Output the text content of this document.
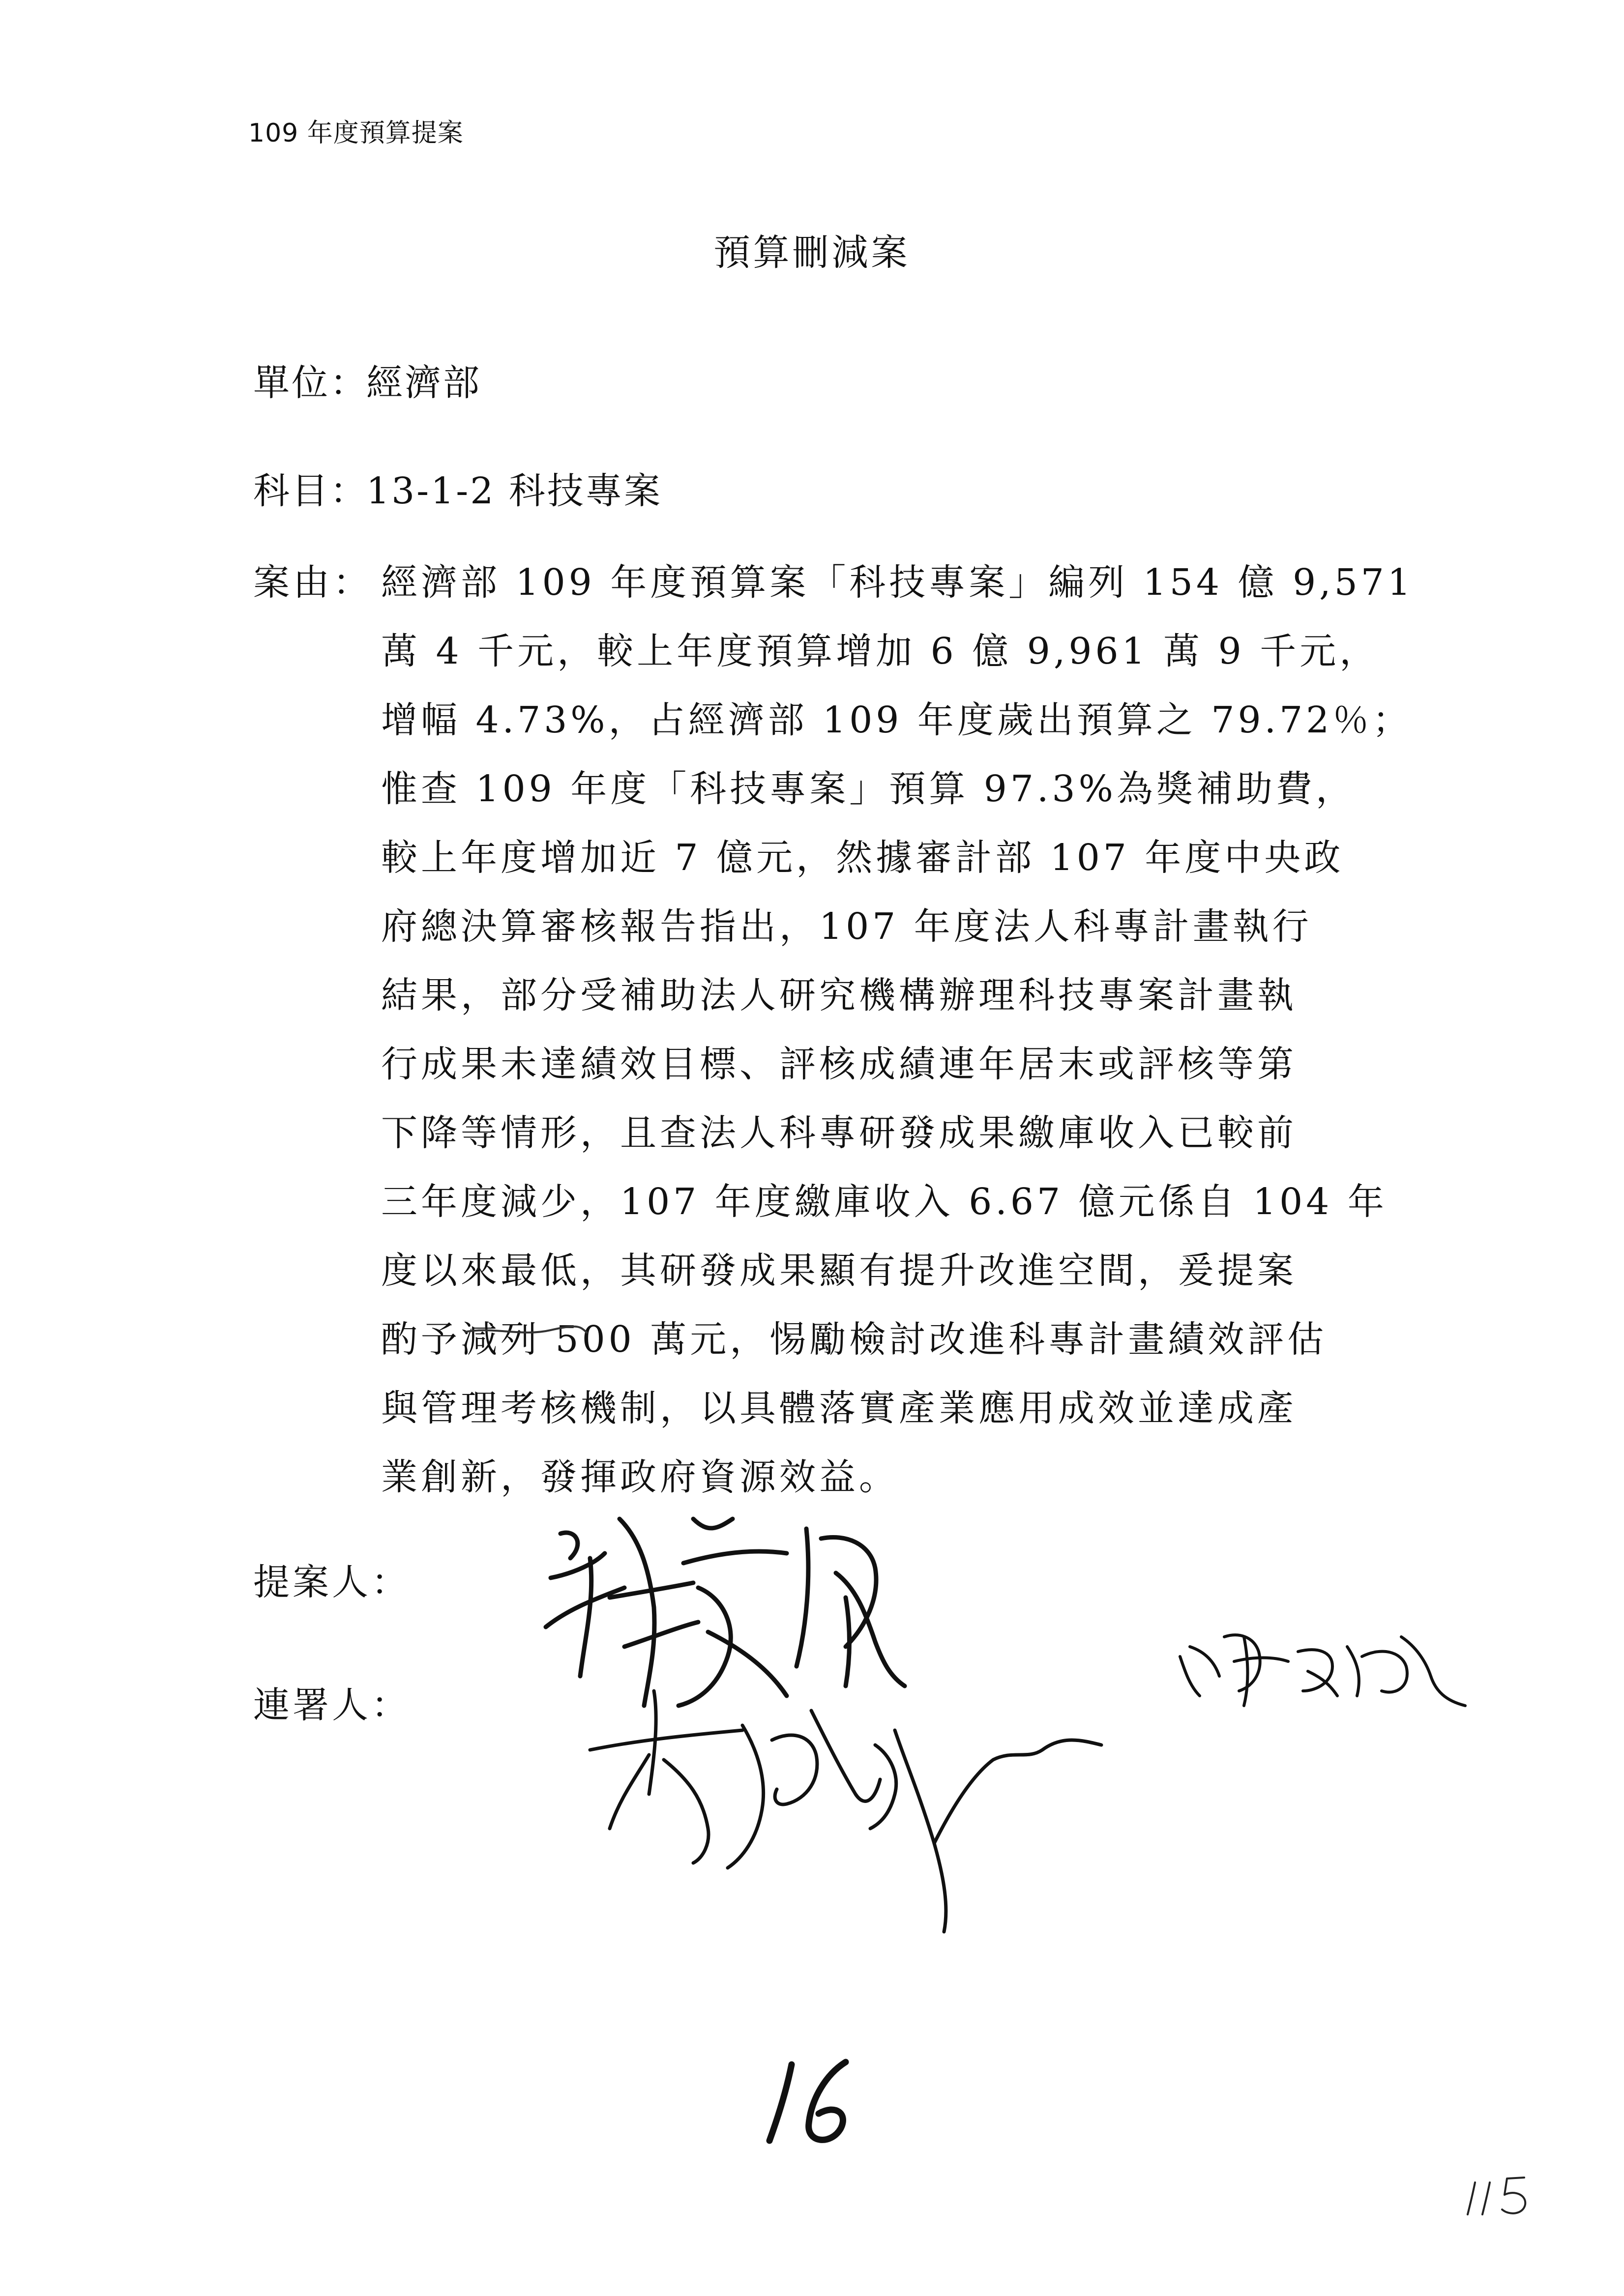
109 年度預算提案
預算刪減案
單位：經濟部
科目：13-1-2 科技專案
案由： 經濟部 109 年度預算案「科技專案」編列 154 億 9,571
萬 4 千元，較上年度預算增加 6 億 9,961 萬 9 千元，
增幅 4.73%，占經濟部 109 年度歲出預算之 79.72％；
惟查 109 年度「科技專案」預算 97.3%為獎補助費，
較上年度增加近 7 億元，然據審計部 107 年度中央政
府總決算審核報告指出，107 年度法人科專計畫執行
結果，部分受補助法人研究機構辦理科技專案計畫執
行成果未達績效目標、評核成績連年居末或評核等第
下降等情形，且查法人科專研發成果繳庫收入已較前
三年度減少，107 年度繳庫收入 6.67 億元係自 104 年
度以來最低，其研發成果顯有提升改進空間，爰提案
酌予減列 500 萬元，惕勵檢討改進科專計畫績效評估
與管理考核機制，以具體落實產業應用成效並達成產
業創新，發揮政府資源效益。
提案人：
連署人：
